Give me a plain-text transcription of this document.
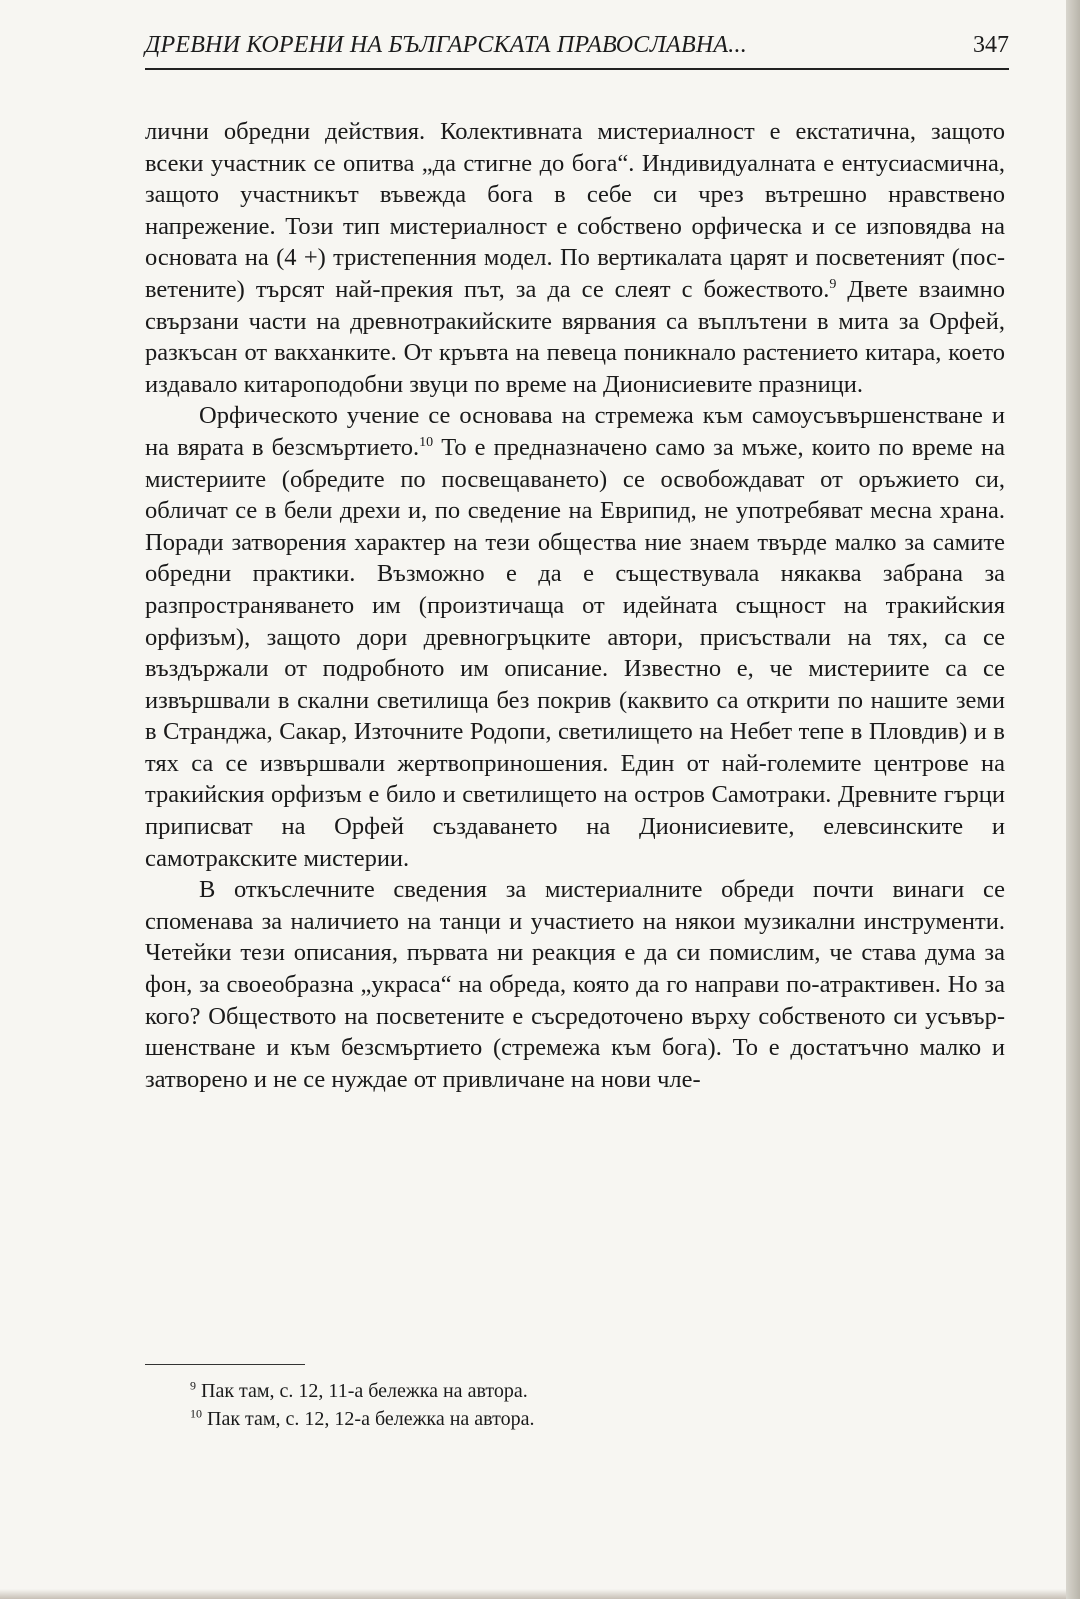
ДРЕВНИ КОРЕНИ НА БЪЛГАРСКАТА ПРАВОСЛАВНА...	347

лични обредни действия. Колективната мистериалност е екстатична, защото всеки участник се опитва „да стигне до бога“. Индивидуалната е ентусиасмична, защото участникът въвежда бога в себе си чрез вътрешно нравствено напрежение. Този тип мистериалност е собствено орфическа и се изповядва на основата на (4 +) тристепенния модел. По вертикалата царят и посветеният (посветените) търсят най-прекия път, за да се слеят с божеството.$^9$ Двете взаимно свързани части на древнотракийските вярвания са въплътени в мита за Орфей, разкъсан от вакханките. От кръвта на певеца поникнало растението китара, което издавало китароподобни звуци по време на Дионисиевите празници.

Орфическото учение се основава на стремежа към самоусъвършенстване и на вярата в безсмъртието.$^{10}$ То е предназначено само за мъже, които по време на мистериите (обредите по посвещаването) се освобождават от оръжието си, обличат се в бели дрехи и, по сведение на Еврипид, не употребяват месна храна. Поради затворения характер на тези общества ние знаем твърде малко за самите обредни практики. Възможно е да е съществувала някаква забрана за разпространяването им (произтичаща от идейната същност на тракийския орфизъм), защото дори древногръцките автори, присъствали на тях, са се въздържали от подробното им описание. Известно е, че мистериите са се извършвали в скални светилища без покрив (каквито са открити по нашите земи в Странджа, Сакар, Източните Родопи, светилището на Небет тепе в Пловдив) и в тях са се извършвали жертвоприношения. Един от най-големите центрове на тракийския орфизъм е било и светилището на остров Самотраки. Древните гърци приписват на Орфей създаването на Дионисиевите, елевсинските и самотракските мистерии.

В откъслечните сведения за мистериалните обреди почти винаги се споменава за наличието на танци и участието на някои музикални инструменти. Четейки тези описания, първата ни реакция е да си помислим, че става дума за фон, за своеобразна „украса“ на обреда, която да го направи по-атрактивен. Но за кого? Обществото на посветените е съсредоточено върху собственото си усъвършенстване и към безсмъртието (стремежа към бога). То е достатъчно малко и затворено и не се нуждае от привличане на нови чле-

$^9$ Пак там, с. 12, 11-а бележка на автора.

$^{10}$ Пак там, с. 12, 12-а бележка на автора.
